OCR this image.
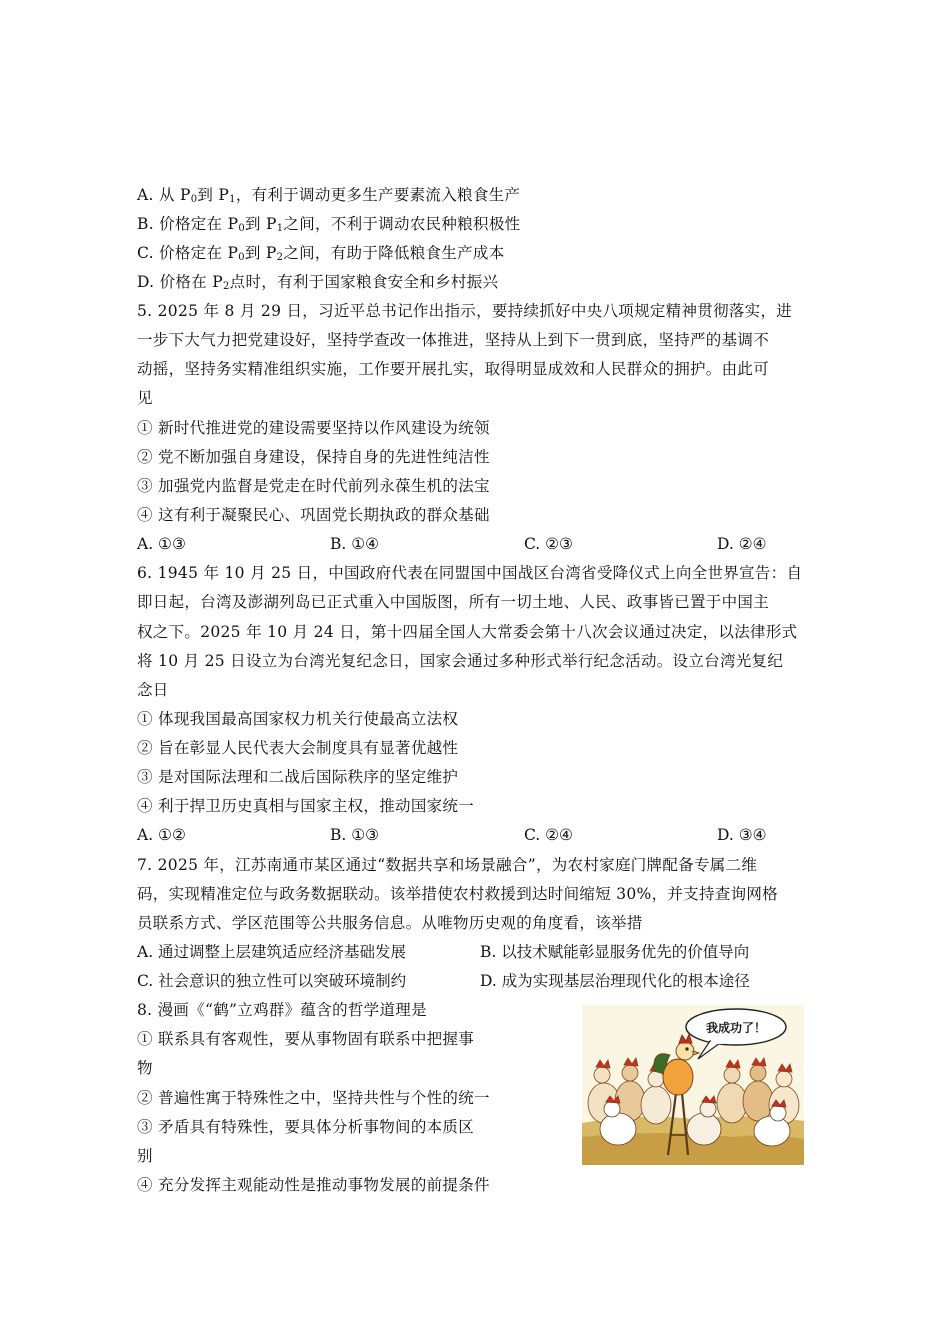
A. 从 $P_0$到 $P_1$，有利于调动更多生产要素流入粮食生产
B. 价格定在 $P_0$到 $P_1$之间，不利于调动农民种粮积极性
C. 价格定在 $P_0$到 $P_2$之间，有助于降低粮食生产成本
D. 价格在 $P_2$点时，有利于国家粮食安全和乡村振兴
5. 2025 年 8 月 29 日，习近平总书记作出指示，要持续抓好中央八项规定精神贯彻落实，进
一步下大气力把党建设好，坚持学查改一体推进，坚持从上到下一贯到底，坚持严的基调不
动摇，坚持务实精准组织实施，工作要开展扎实，取得明显成效和人民群众的拥护。由此可
见
① 新时代推进党的建设需要坚持以作风建设为统领
② 党不断加强自身建设，保持自身的先进性纯洁性
③ 加强党内监督是党走在时代前列永葆生机的法宝
④ 这有利于凝聚民心、巩固党长期执政的群众基础
A. ①③	B. ①④	C. ②③	D. ②④
6. 1945 年 10 月 25 日，中国政府代表在同盟国中国战区台湾省受降仪式上向全世界宣告：自
即日起，台湾及澎湖列岛已正式重入中国版图，所有一切土地、人民、政事皆已置于中国主
权之下。2025 年 10 月 24 日，第十四届全国人大常委会第十八次会议通过决定，以法律形式
将 10 月 25 日设立为台湾光复纪念日，国家会通过多种形式举行纪念活动。设立台湾光复纪
念日
① 体现我国最高国家权力机关行使最高立法权
② 旨在彰显人民代表大会制度具有显著优越性
③ 是对国际法理和二战后国际秩序的坚定维护
④ 利于捍卫历史真相与国家主权，推动国家统一
A. ①②	B. ①③	C. ②④	D. ③④
7. 2025 年，江苏南通市某区通过“数据共享和场景融合”，为农村家庭门牌配备专属二维
码，实现精准定位与政务数据联动。该举措使农村救援到达时间缩短 30%，并支持查询网格
员联系方式、学区范围等公共服务信息。从唯物历史观的角度看，该举措
A. 通过调整上层建筑适应经济基础发展	B. 以技术赋能彰显服务优先的价值导向
C. 社会意识的独立性可以突破环境制约	D. 成为实现基层治理现代化的根本途径
8. 漫画《“鹤”立鸡群》蕴含的哲学道理是
① 联系具有客观性，要从事物固有联系中把握事
物
② 普遍性寓于特殊性之中，坚持共性与个性的统一
③ 矛盾具有特殊性，要具体分析事物间的本质区
别
④ 充分发挥主观能动性是推动事物发展的前提条件
我成功了！
